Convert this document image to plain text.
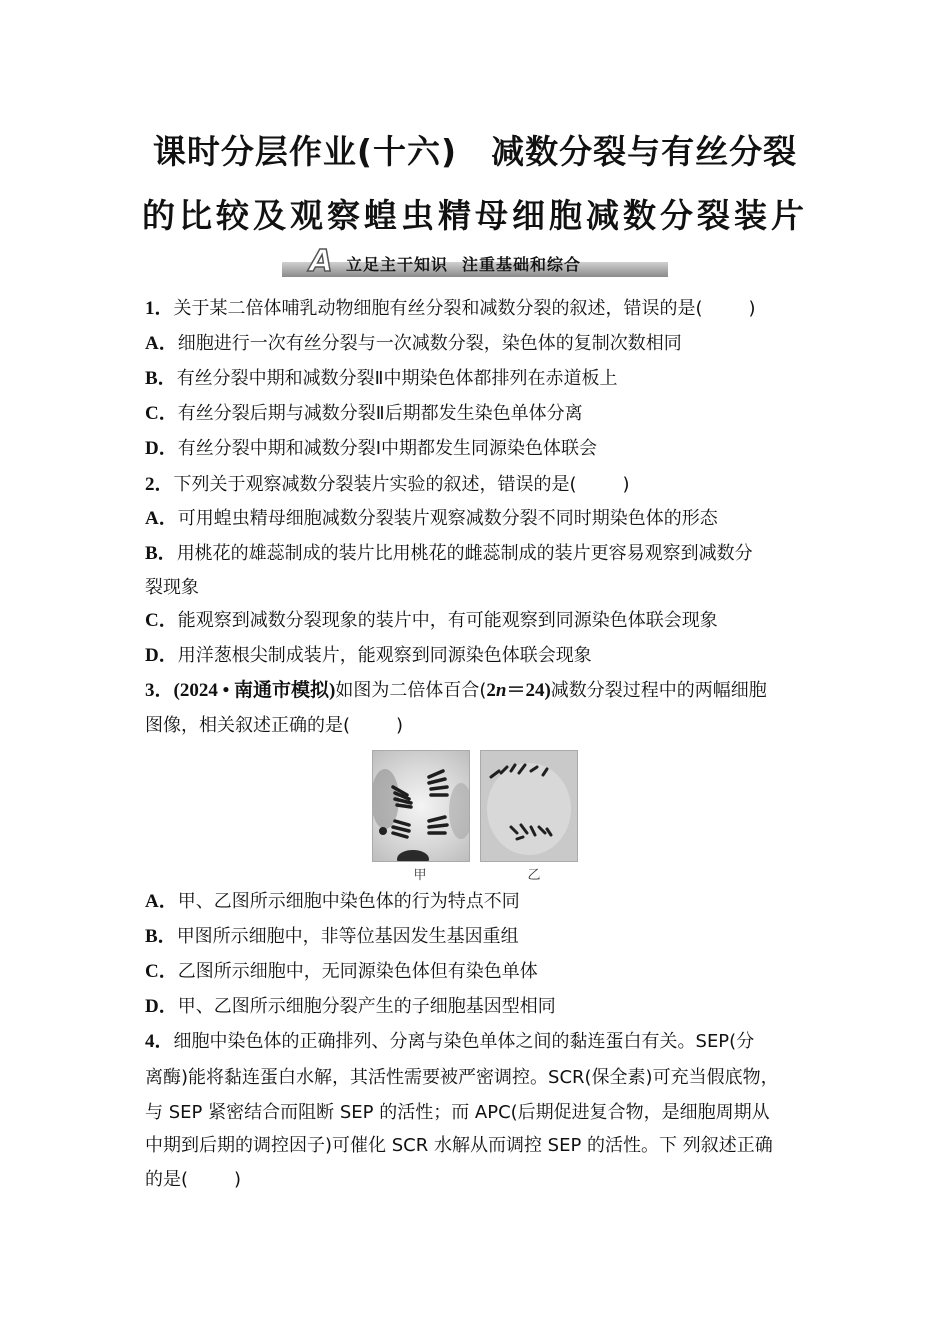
课时分层作业(十六) 减数分裂与有丝分裂
的比较及观察蝗虫精母细胞减数分裂装片
A 立足主干知识 注重基础和综合
1．关于某二倍体哺乳动物细胞有丝分裂和减数分裂的叙述，错误的是(	)
A．细胞进行一次有丝分裂与一次减数分裂，染色体的复制次数相同
B．有丝分裂中期和减数分裂Ⅱ中期染色体都排列在赤道板上
C．有丝分裂后期与减数分裂Ⅱ后期都发生染色单体分离
D．有丝分裂中期和减数分裂Ⅰ中期都发生同源染色体联会
2．下列关于观察减数分裂装片实验的叙述，错误的是(	)
A．可用蝗虫精母细胞减数分裂装片观察减数分裂不同时期染色体的形态
B．用桃花的雄蕊制成的装片比用桃花的雌蕊制成的装片更容易观察到减数分
裂现象
C．能观察到减数分裂现象的装片中，有可能观察到同源染色体联会现象
D．用洋葱根尖制成装片，能观察到同源染色体联会现象
3．(2024 • 南通市模拟)如图为二倍体百合(2n＝24)减数分裂过程中的两幅细胞
图像，相关叙述正确的是(	)
甲	乙
A．甲、乙图所示细胞中染色体的行为特点不同
B．甲图所示细胞中，非等位基因发生基因重组
C．乙图所示细胞中，无同源染色体但有染色单体
D．甲、乙图所示细胞分裂产生的子细胞基因型相同
4．细胞中染色体的正确排列、分离与染色单体之间的黏连蛋白有关。SEP(分
离酶)能将黏连蛋白水解，其活性需要被严密调控。SCR(保全素)可充当假底物，
与 SEP 紧密结合而阻断 SEP 的活性；而 APC(后期促进复合物，是细胞周期从
中期到后期的调控因子)可催化 SCR 水解从而调控 SEP 的活性。下 列叙述正确
的是(	)
